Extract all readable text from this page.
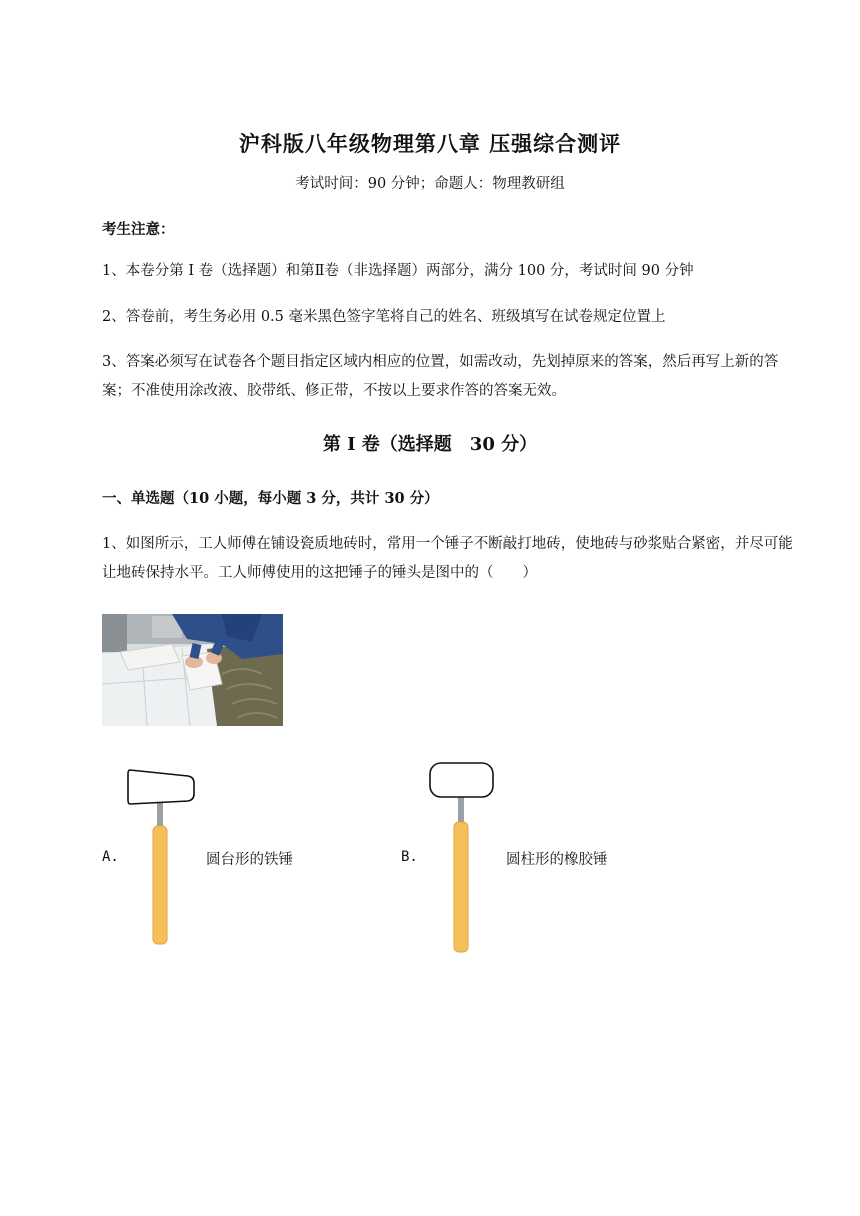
沪科版八年级物理第八章 压强综合测评
考试时间：90 分钟；命题人：物理教研组
考生注意：
1、本卷分第 I 卷（选择题）和第Ⅱ卷（非选择题）两部分，满分 100 分，考试时间 90 分钟
2、答卷前，考生务必用 0.5 毫米黑色签字笔将自己的姓名、班级填写在试卷规定位置上
3、答案必须写在试卷各个题目指定区域内相应的位置，如需改动，先划掉原来的答案，然后再写上新的答案；不准使用涂改液、胶带纸、修正带，不按以上要求作答的答案无效。
第 I 卷（选择题　30 分）
一、单选题（10 小题，每小题 3 分，共计 30 分）
1、如图所示，工人师傅在铺设瓷质地砖时，常用一个锤子不断敲打地砖，使地砖与砂浆贴合紧密，并尽可能让地砖保持水平。工人师傅使用的这把锤子的锤头是图中的（　　）
A.	圆台形的铁锤	B.	圆柱形的橡胶锤
